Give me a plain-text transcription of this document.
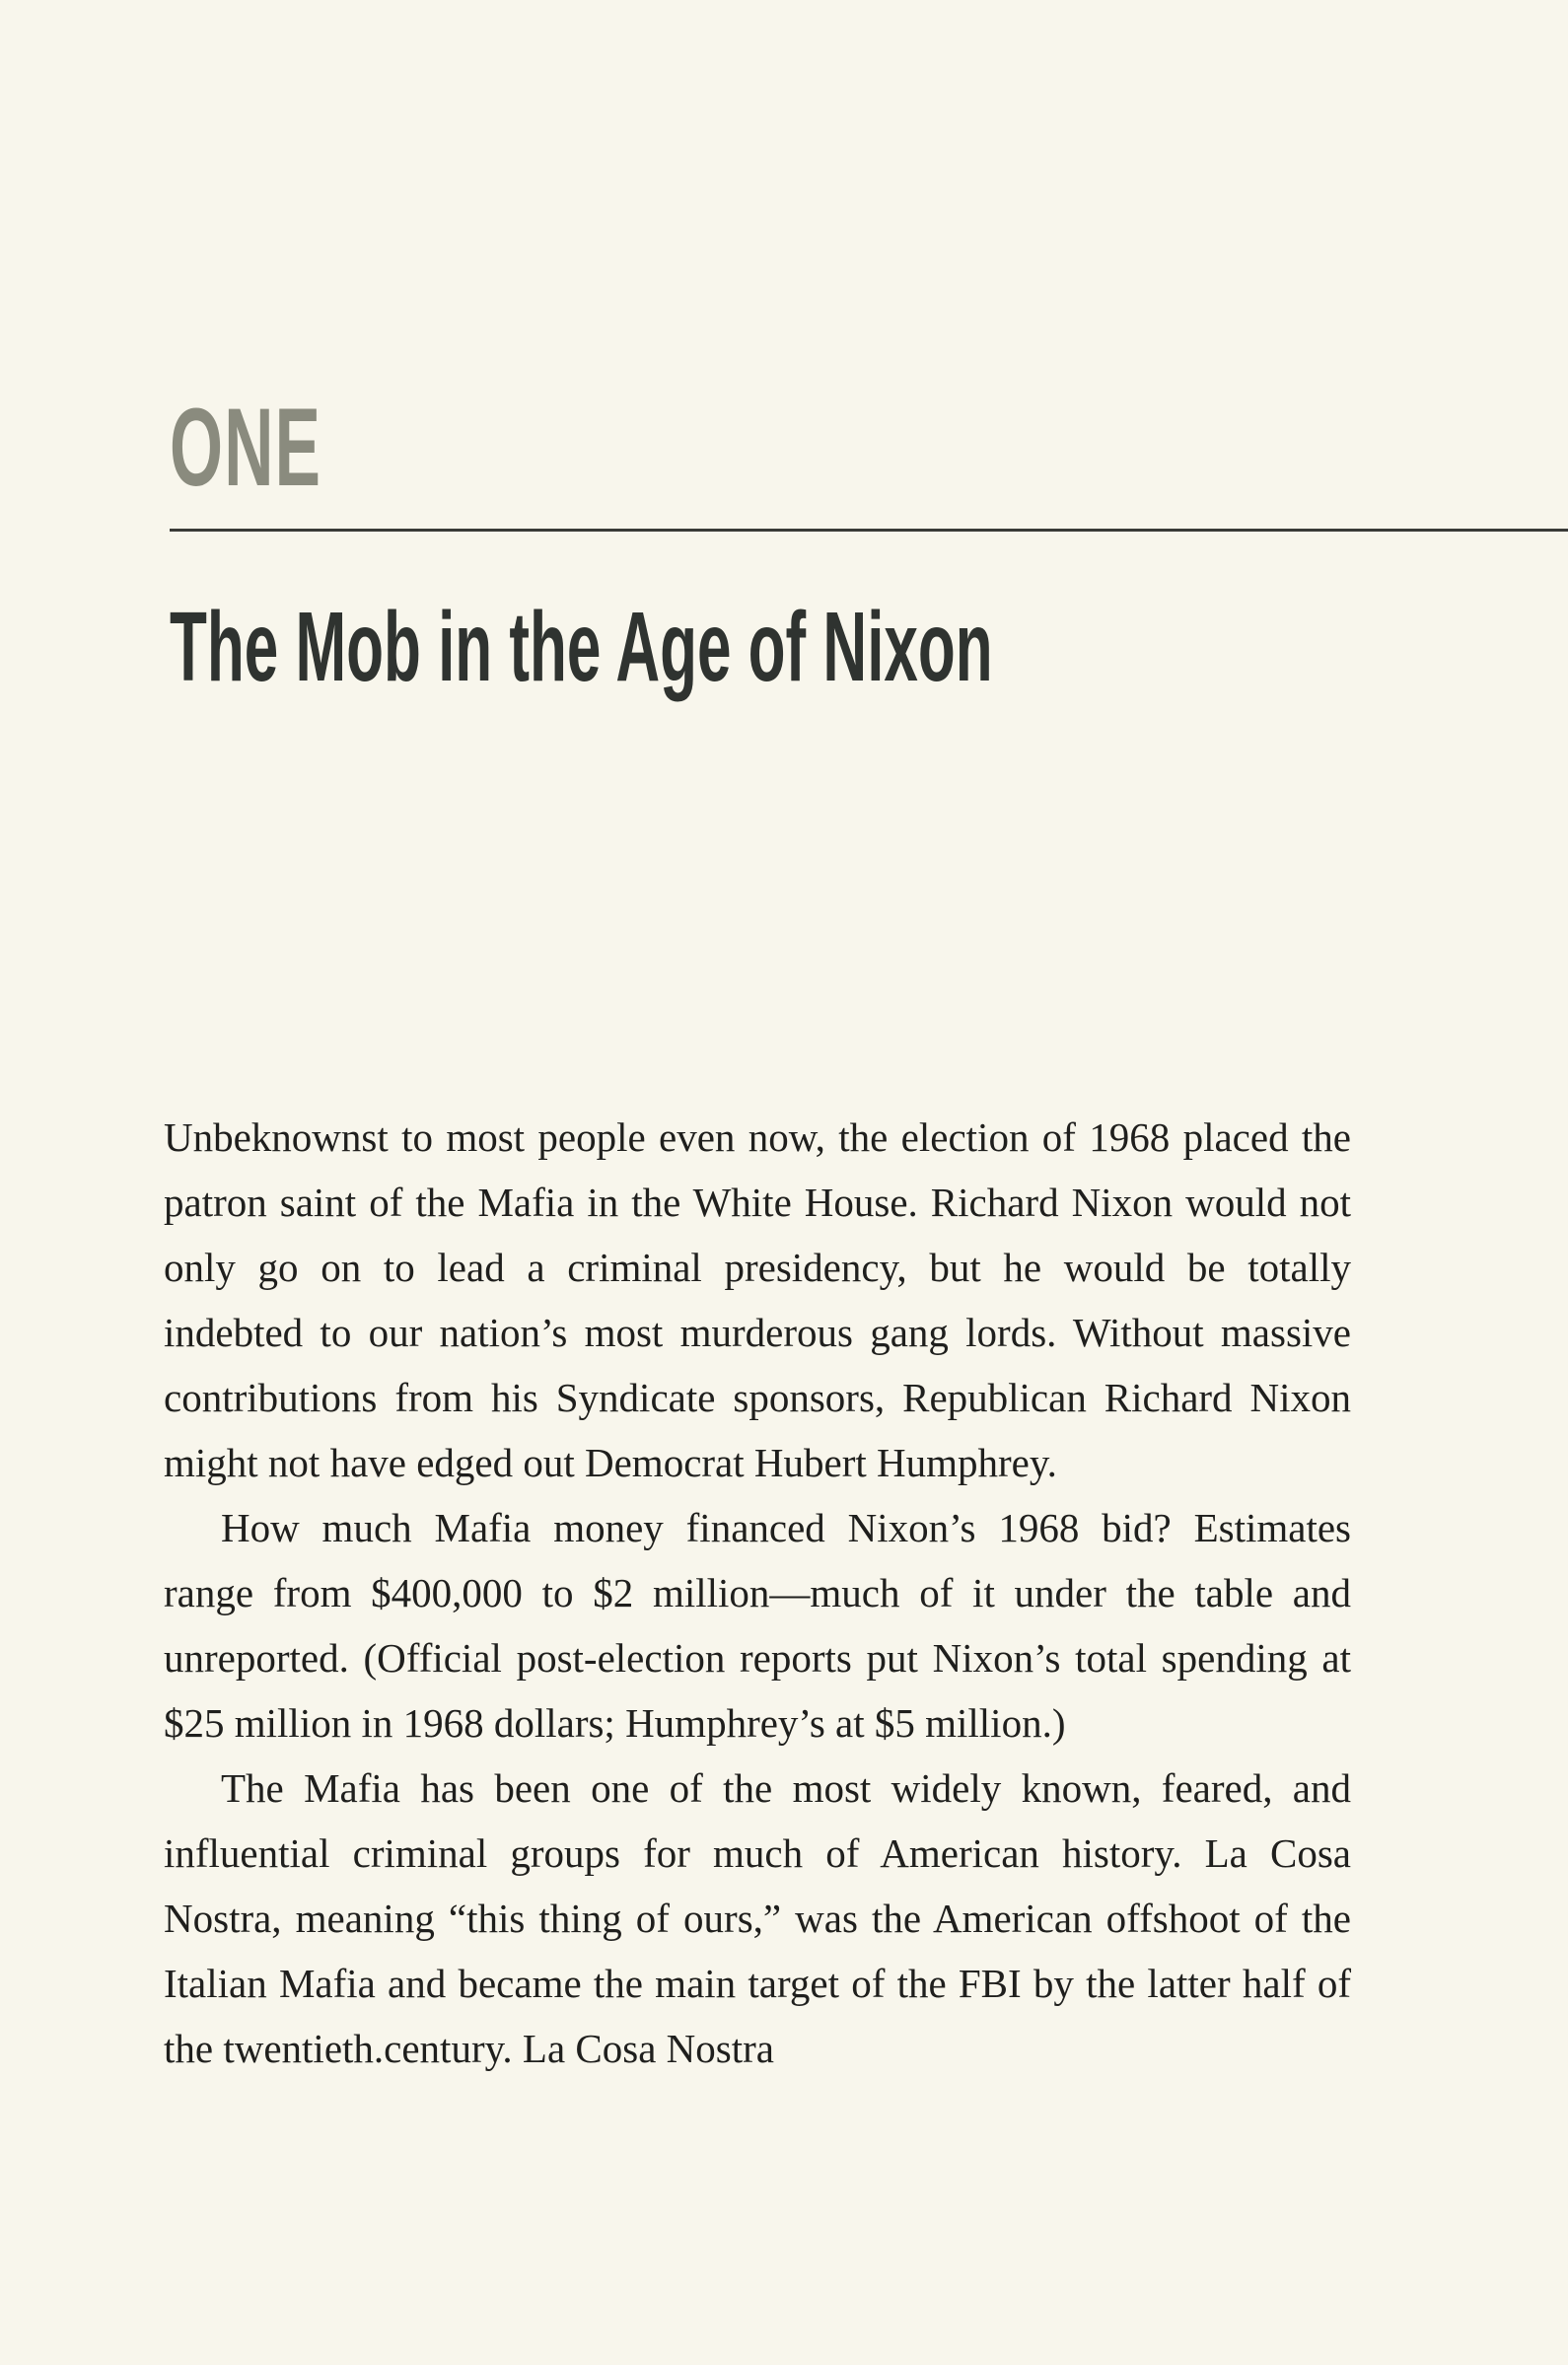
ONE
The Mob in the Age of Nixon

Unbeknownst to most people even now, the election of 1968 placed the patron saint of the Mafia in the White House. Richard Nixon would not only go on to lead a criminal presidency, but he would be totally indebted to our nation’s most murderous gang lords. Without massive contributions from his Syndicate sponsors, Republican Richard Nixon might not have edged out Democrat Hubert Humphrey.

How much Mafia money financed Nixon’s 1968 bid? Estimates range from $400,000 to $2 million—much of it under the table and unreported. (Official post-election reports put Nixon’s total spending at $25 million in 1968 dollars; Humphrey’s at $5 million.)

The Mafia has been one of the most widely known, feared, and influential criminal groups for much of American history. La Cosa Nostra, meaning “this thing of ours,” was the American offshoot of the Italian Mafia and became the main target of the FBI by the latter half of the twentieth.century. La Cosa Nostra
